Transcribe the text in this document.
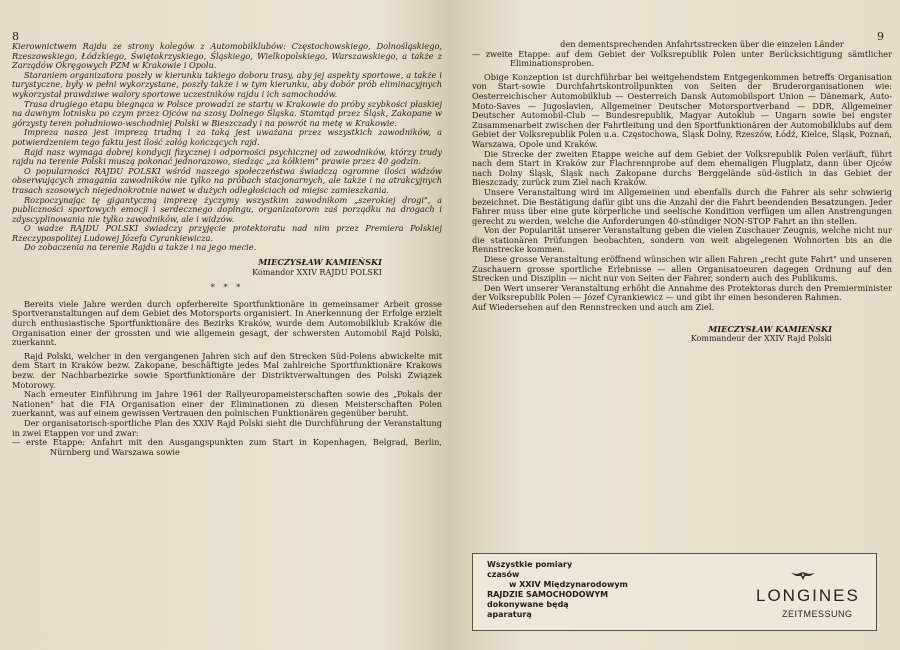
8

Kierownictwem Rajdu ze strony kolegów z Automobilklubów: Częstochowskiego, Dolnośląskiego, Rzeszowskiego, Łódzkiego, Świętokrzyskiego, Śląskiego, Wielkopolskiego, Warszawskiego, a także z Zarządów Okręgowych PZM w Krakowie i Opolu.

Staraniem organizatora poszły w kierunku takiego doboru trasy, aby jej aspekty sportowe, a także i turystyczne, były w pełni wykorzystane, poszły także i w tym kierunku, aby dobór prób eliminacyjnych wykorzystał prawdziwe walory sportowe uczestników rajdu i ich samochodów.

Trasa drugiego etapu biegnąca w Polsce prowadzi ze startu w Krakowie do próby szybkości płaskiej na dawnym lotnisku po czym przez Ojców na szosy Dolnego Śląska. Stamtąd przez Śląsk, Zakopane w górzysty teren południowo-wschodniej Polski w Bieszczady i na powrót na metę w Krakowie.

Impreza nasza jest imprezą trudną i za taką jest uważana przez wszystkich zawodników, a potwierdzeniem tego faktu jest ilość załóg kończących rajd.

Rajd nasz wymaga dobrej kondycji fizycznej i odporności psychicznej od zawodników, którzy trudy rajdu na terenie Polski muszą pokonać jednorazowo, siedząc „za kółkiem" prawie przez 40 godzin.

O popularności RAJDU POLSKI wśród naszego społeczeństwa świadczą ogromne ilości widzów obserwujących zmagania zawodników nie tylko na próbach stacjonarnych, ale także i na atrakcyjnych trasach szosowych niejednokrotnie nawet w dużych odległościach od miejsc zamieszkania.

Rozpoczynając tę gigantyczną imprezę życzymy wszystkim zawodnikom „szerokiej drogi", a publiczności sportowych emocji i serdecznego dopingu, organizatorom zaś porządku na drogach i zdyscyplinowania nie tylko zawodników, ale i widzów.

O wadze RAJDU POLSKI świadczy przyjęcie protektoratu nad nim przez Premiera Polskiej Rzeczypospolitej Ludowej Józefa Cyrankiewicza.

Do zobaczenia na terenie Rajdu a także i na jego mecie.

MIECZYSŁAW KAMIEŃSKI

Komandor XXIV RAJDU POLSKI

* * *

Bereits viele Jahre werden durch opferbereite Sportfunktionäre in gemeinsamer Arbeit grosse Sportveranstaltungen auf dem Gebiet des Motorsports organisiert. In Anerkennung der Erfolge erzielt durch enthusiastische Sportfunktionäre des Bezirks Kraków, wurde dem Automobilklub Kraków die Organisation einer der grossten und wie allgemein gesagt, der schwersten Automobil Rajd Polski, zuerkannt.

Rajd Polski, welcher in den vergangenen Jahren sich auf den Strecken Süd-Polens abwickelte mit dem Start in Kraków bezw. Zakopane, beschäftigte jedes Mal zahlreiche Sportfunktionäre Krakows bezw. der Nachbarbezirke sowie Sportfunktionäre der Distriktverwaltungen des Polski Związek Motorowy.

Nach erneuter Einführung im Jahre 1961 der Rallyeuropameisterschaften sowie des „Pokals der Nationen" hat die FIA Organisation einer der Eliminationen zu diesen Meisterschaften Polen zuerkannt, was auf einem gewissen Vertrauen den polnischen Funktionären gegenüber beruht.

Der organisatorisch-sportliche Plan des XXIV Rajd Polski sieht die Durchführung der Veranstaltung in zwei Etappen vor und zwar:

— erste Etappe: Anfahrt mit den Ausgangspunkten zum Start in Kopenhagen, Belgrad, Berlin, Nürnberg und Warszawa sowie

9

den dementsprechenden Anfahrtsstrecken über die einzelen Länder

— zweite Etappe: auf dem Gebiet der Volksrepublik Polen unter Berücksichtigung sämtlicher Eliminationsproben.

Obige Konzeption ist durchführbar bei weitgehendstem Entgegenkommen betreffs Organisation von Start-sowie Durchfahrtskontrollpunkten von Seiten der Bruderorganisationen wie: Oesterreichischer Automobilklub — Oesterreich Dansk Automobilsport Union — Dänemark, Auto-Moto-Saves — Jugoslavien, Allgemeiner Deutscher Motorsportverband — DDR, Allgemeiner Deutscher Automobil-Club — Bundesrepublik, Magyar Autoklub — Ungarn sowie bei engster Zusammenarbeit zwischen der Fahrtleitung und den Sportfunktionären der Automobilklubs auf dem Gebiet der Volksrepublik Polen u.a. Częstochowa, Śląsk Dolny, Rzeszów, Łódź, Kielce, Śląsk, Poznań, Warszawa, Opole und Kraków.

Die Strecke der zweiten Etappe weiche auf dem Gebiet der Volksrepublik Polen verläuft, führt nach dem Start in Kraków zur Flachrennprobe auf dem ehemaligen Flugplatz, dann über Ojców nach Dolny Śląsk, Śląsk nach Zakopane durchs Berggelände süd-östlich in das Gebiet der Bieszczady, zurück zum Ziel nach Kraków.

Unsere Veranstaltung wird im Allgemeinen und ebenfalls durch die Fahrer als sehr schwierig bezeichnet. Die Bestätigung dafür gibt uns die Anzahl der die Fahrt beendenden Besatzungen. Jeder Fahrer muss über eine gute körperliche und seelische Kondition verfügen um allen Anstrengungen gerecht zu werden, welche die Anforderungen 40-stündiger NON-STOP Fahrt an ihn stellen.

Von der Popularität unserer Veranstaltung geben die vielen Zuschauer Zeugnis, welche nicht nur die stationären Prüfungen beobachten, sondern von weit abgelegenen Wohnorten bis an die Rennstrecke kommen.

Diese grosse Veranstaltung eröffnend wünschen wir allen Fahren „recht gute Fahrt" und unseren Zuschauern grosse sportliche Erlebnisse — allen Organisatoeuren dagegen Ordnung auf den Strecken und Disziplin — nicht nur von Seiten der Fahrer, sondern auch des Publikums.

Den Wert unserer Veranstaltung erhöht die Annahme des Protektoras durch den Premierminister der Volksrepublik Polen — Józef Cyrankiewicz — und gibt ihr einen besonderen Rahmen.

Auf Wiedersehen auf den Rennstrecken und auch am Ziel.

MIECZYSŁAW KAMIEŃSKI

Kommandeur der XXIV Rajd Polski

Wszystkie pomiary
czasów
w XXIV Międzynarodowym
RAJDZIE SAMOCHODOWYM
dokonywane będą
aparaturą
LONGINES
ZEITMESSUNG
